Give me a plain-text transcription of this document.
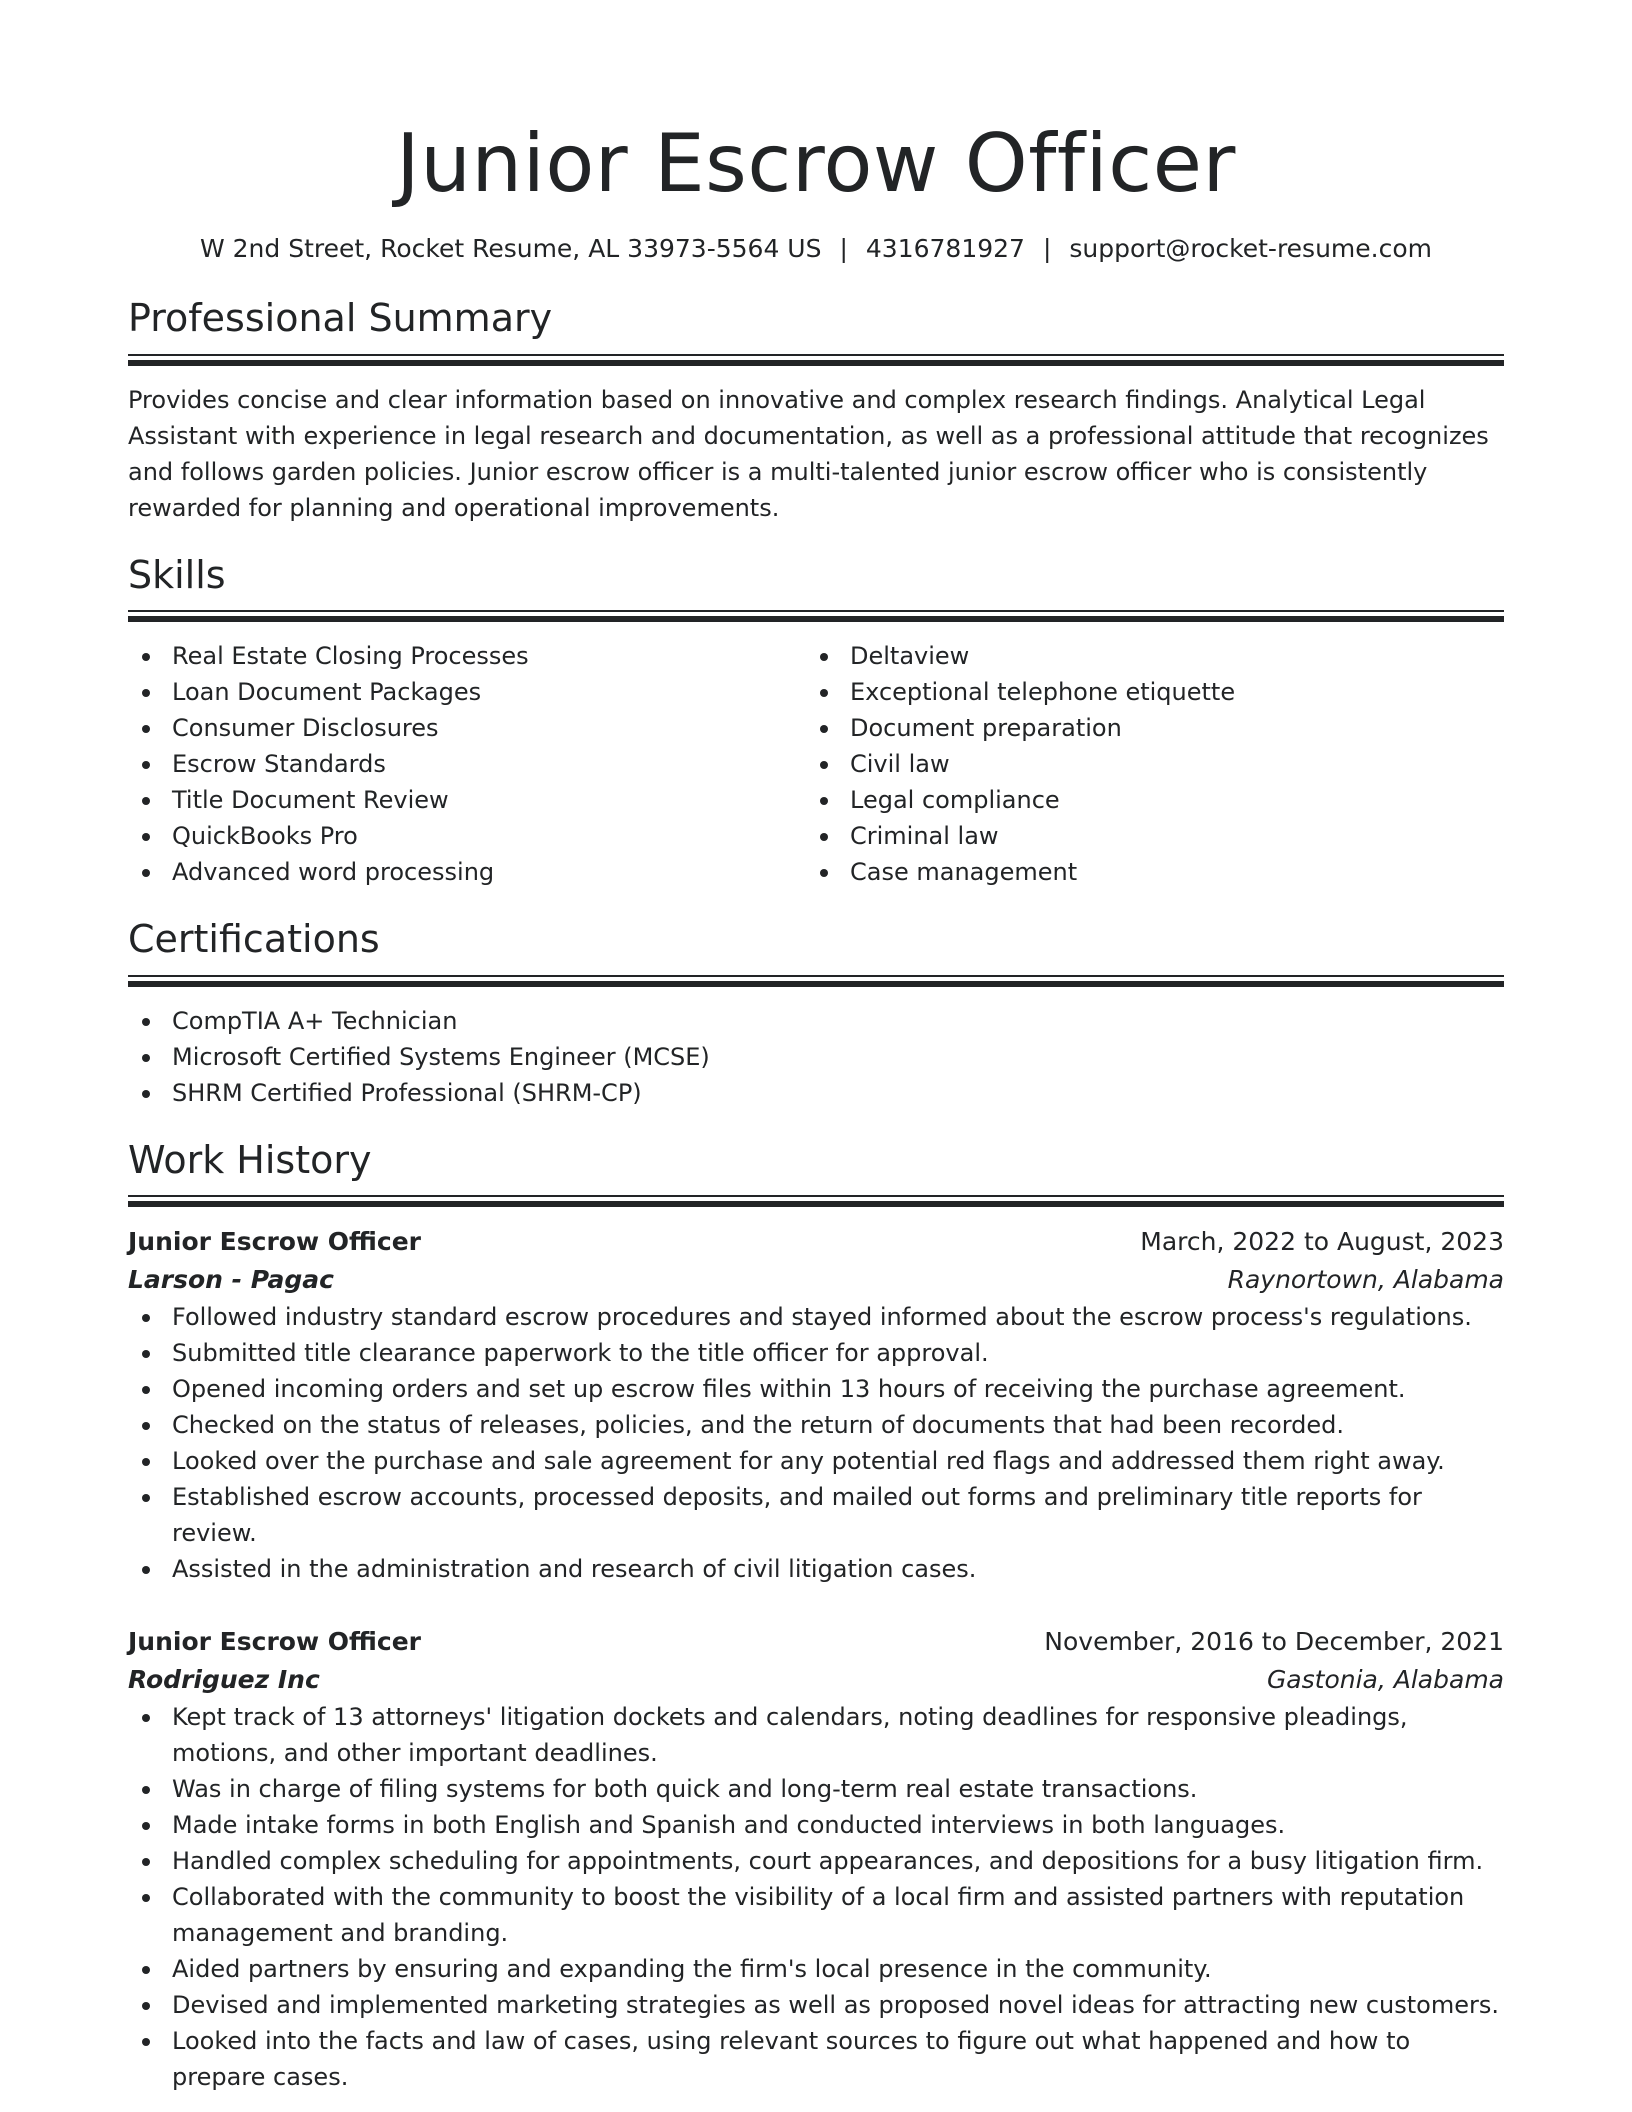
Junior Escrow Officer
W 2nd Street, Rocket Resume, AL 33973-5564 US | 4316781927 | support@rocket-resume.com
Professional Summary

Provides concise and clear information based on innovative and complex research findings. Analytical Legal Assistant with experience in legal research and documentation, as well as a professional attitude that recognizes and follows garden policies. Junior escrow officer is a multi-talented junior escrow officer who is consistently rewarded for planning and operational improvements.

Skills
Real Estate Closing Processes
Loan Document Packages
Consumer Disclosures
Escrow Standards
Title Document Review
QuickBooks Pro
Advanced word processing
Deltaview
Exceptional telephone etiquette
Document preparation
Civil law
Legal compliance
Criminal law
Case management
Certifications
CompTIA A+ Technician
Microsoft Certified Systems Engineer (MCSE)
SHRM Certified Professional (SHRM-CP)
Work History
Junior Escrow Officer	March, 2022 to August, 2023
Larson - Pagac	Raynortown, Alabama
Followed industry standard escrow procedures and stayed informed about the escrow process's regulations.
Submitted title clearance paperwork to the title officer for approval.
Opened incoming orders and set up escrow files within 13 hours of receiving the purchase agreement.
Checked on the status of releases, policies, and the return of documents that had been recorded.
Looked over the purchase and sale agreement for any potential red flags and addressed them right away.
Established escrow accounts, processed deposits, and mailed out forms and preliminary title reports for review.
Assisted in the administration and research of civil litigation cases.
Junior Escrow Officer	November, 2016 to December, 2021
Rodriguez Inc	Gastonia, Alabama
Kept track of 13 attorneys' litigation dockets and calendars, noting deadlines for responsive pleadings, motions, and other important deadlines.
Was in charge of filing systems for both quick and long-term real estate transactions.
Made intake forms in both English and Spanish and conducted interviews in both languages.
Handled complex scheduling for appointments, court appearances, and depositions for a busy litigation firm.
Collaborated with the community to boost the visibility of a local firm and assisted partners with reputation management and branding.
Aided partners by ensuring and expanding the firm's local presence in the community.
Devised and implemented marketing strategies as well as proposed novel ideas for attracting new customers.
Looked into the facts and law of cases, using relevant sources to figure out what happened and how to prepare cases.
